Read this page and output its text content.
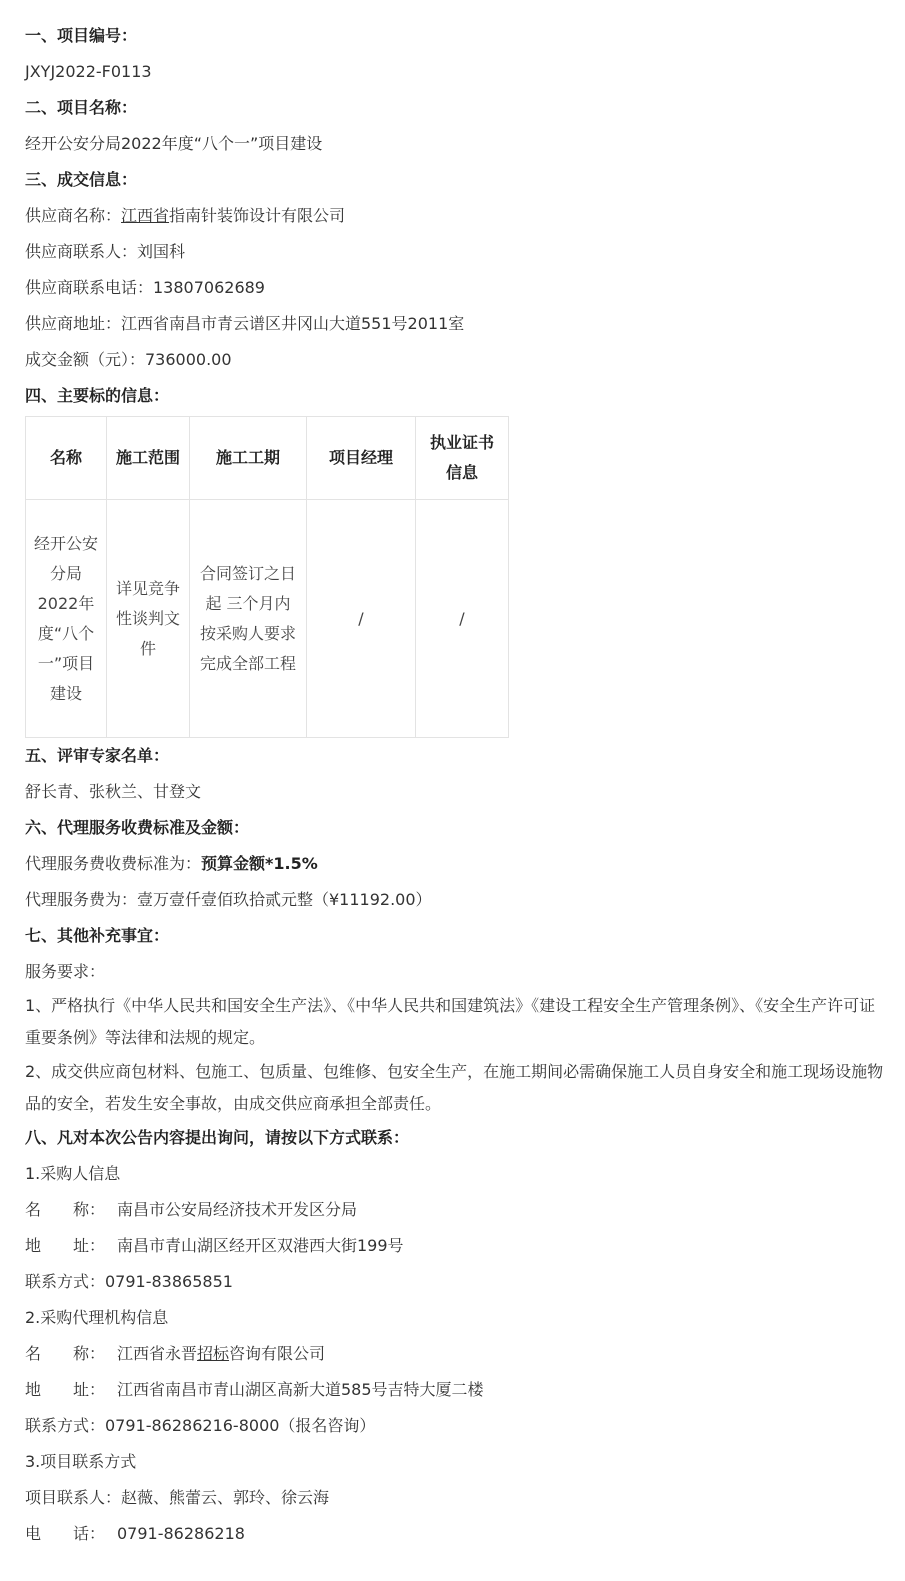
一、项目编号：
JXYJ2022-F0113
二、项目名称：
经开公安分局2022年度“八个一”项目建设
三、成交信息：
供应商名称：江西省指南针装饰设计有限公司
供应商联系人：刘国科
供应商联系电话：13807062689
供应商地址：江西省南昌市青云谱区井冈山大道551号2011室
成交金额（元）：736000.00
四、主要标的信息：
名称	施工范围	施工工期	项目经理	执业证书信息
经开公安分局2022年度“八个一”项目建设	详见竞争性谈判文件	合同签订之日起 三个月内按采购人要求完成全部工程	/	/
五、评审专家名单：
舒长青、张秋兰、甘登文
六、代理服务收费标准及金额：
代理服务费收费标准为：预算金额*1.5%
代理服务费为：壹万壹仟壹佰玖拾贰元整（¥11192.00）
七、其他补充事宜：
服务要求：
1、严格执行《中华人民共和国安全生产法》、《中华人民共和国建筑法》《建设工程安全生产管理条例》、《安全生产许可证重要条例》等法律和法规的规定。
2、成交供应商包材料、包施工、包质量、包维修、包安全生产，在施工期间必需确保施工人员自身安全和施工现场设施物品的安全，若发生安全事故，由成交供应商承担全部责任。
八、凡对本次公告内容提出询问，请按以下方式联系：
1.采购人信息
名　　称： 南昌市公安局经济技术开发区分局
地　　址： 南昌市青山湖区经开区双港西大街199号
联系方式：0791-83865851
2.采购代理机构信息
名　　称： 江西省永晋招标咨询有限公司
地　　址： 江西省南昌市青山湖区高新大道585号吉特大厦二楼
联系方式：0791-86286216-8000（报名咨询）
3.项目联系方式
项目联系人：赵薇、熊蕾云、郭玲、徐云海
电　　话： 0791-86286218
